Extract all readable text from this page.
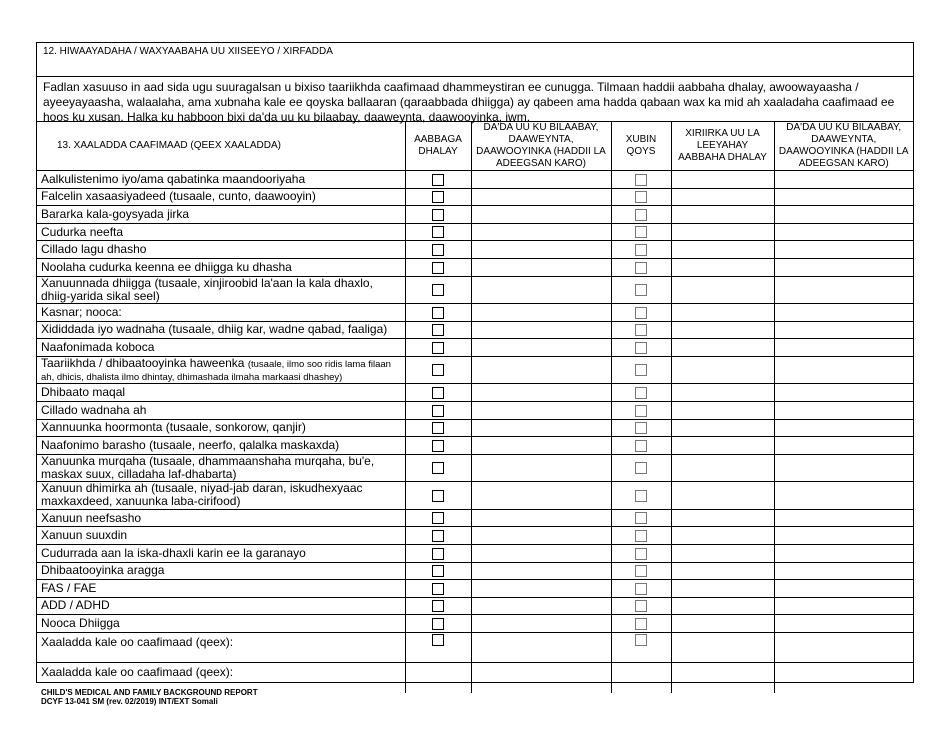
12. HIWAAYADAHA / WAXYAABAHA UU XIISEEYO / XIRFADDA
Fadlan xasuuso in aad sida ugu suuragalsan u bixiso taariikhda caafimaad dhammeystiran ee cunugga. Tilmaan haddii aabbaha dhalay, awoowayaasha / ayeeyayaasha, walaalaha, ama xubnaha kale ee qoyska ballaaran (qaraabbada dhiigga) ay qabeen ama hadda qabaan wax ka mid ah xaaladaha caafimaad ee hoos ku xusan. Halka ku habboon bixi da'da uu ku bilaabay, daaweynta, daawooyinka, iwm.
13. XAALADDA CAAFIMAAD (QEEX XAALADDA)	AABBAGA DHALAY	DA'DA UU KU BILAABAY, DAAWEYNTA, DAAWOOYINKA (HADDII LA ADEEGSAN KARO)	XUBIN QOYS	XIRIIRKA UU LA LEEYAHAY AABBAHA DHALAY	DA'DA UU KU BILAABAY, DAAWEYNTA, DAAWOOYINKA (HADDII LA ADEEGSAN KARO)
Aalkulistenimo iyo/ama qabatinka maandooriyaha					
Falcelin xasaasiyadeed (tusaale, cunto, daawooyin)					
Bararka kala-goysyada jirka					
Cudurka neefta					
Cillado lagu dhasho					
Noolaha cudurka keenna ee dhiigga ku dhasha					
Xanuunnada dhiigga (tusaale, xinjiroobid la'aan la kala dhaxlo, dhiig-yarida sikal seel)					
Kasnar; nooca:					
Xididdada iyo wadnaha (tusaale, dhiig kar, wadne qabad, faaliga)					
Naafonimada koboca					
Taariikhda / dhibaatooyinka haweenka (tusaale, ilmo soo ridis lama filaan ah, dhicis, dhalista ilmo dhintay, dhimashada ilmaha markaasi dhashey)					
Dhibaato maqal					
Cillado wadnaha ah					
Xannuunka hoormonta (tusaale, sonkorow, qanjir)					
Naafonimo barasho (tusaale, neerfo, qalalka maskaxda)					
Xanuunka murqaha (tusaale, dhammaanshaha murqaha, bu'e, maskax suux, cilladaha laf-dhabarta)					
Xanuun dhimirka ah (tusaale, niyad-jab daran, iskudhexyaac maxkaxdeed, xanuunka laba-cirifood)					
Xanuun neefsasho					
Xanuun suuxdin					
Cudurrada aan la iska-dhaxli karin ee la garanayo					
Dhibaatooyinka aragga					
FAS / FAE					
ADD / ADHD					
Nooca Dhiigga					
Xaaladda kale oo caafimaad (qeex):					
Xaaladda kale oo caafimaad (qeex):					
CHILD'S MEDICAL AND FAMILY BACKGROUND REPORT
DCYF 13-041 SM (rev. 02/2019) INT/EXT Somali
